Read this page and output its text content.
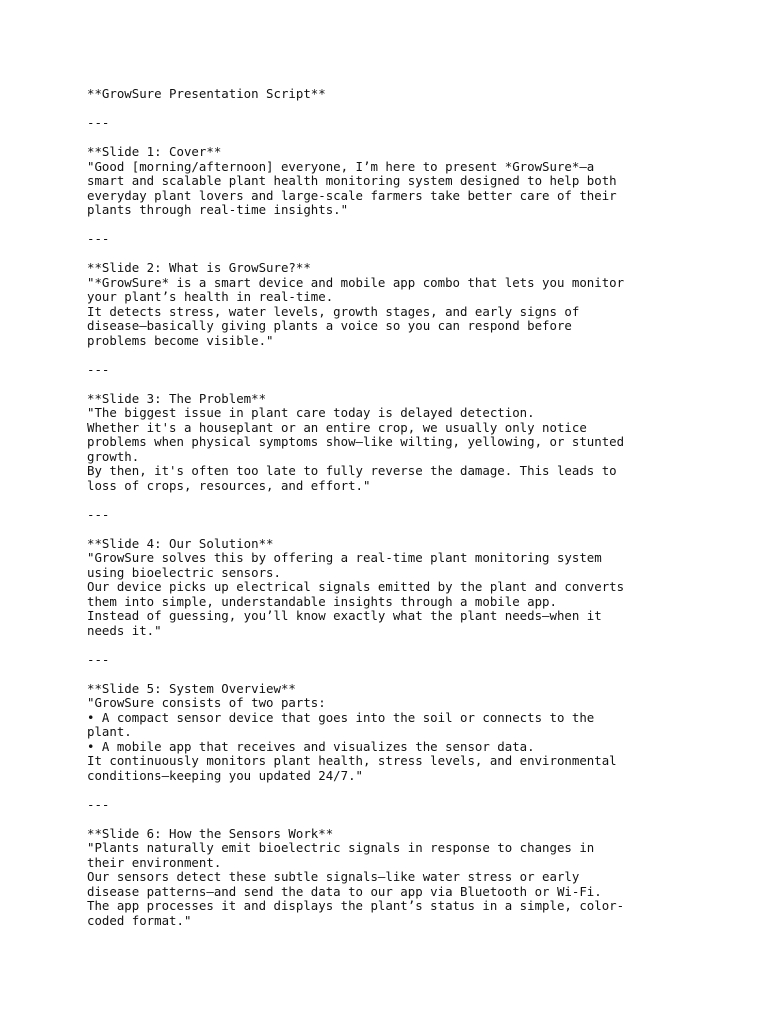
**GrowSure Presentation Script**
---
**Slide 1: Cover**
"Good [morning/afternoon] everyone, I’m here to present *GrowSure*—a
smart and scalable plant health monitoring system designed to help both
everyday plant lovers and large-scale farmers take better care of their
plants through real-time insights."
---
**Slide 2: What is GrowSure?**
"*GrowSure* is a smart device and mobile app combo that lets you monitor
your plant’s health in real-time.
It detects stress, water levels, growth stages, and early signs of
disease—basically giving plants a voice so you can respond before
problems become visible."
---
**Slide 3: The Problem**
"The biggest issue in plant care today is delayed detection.
Whether it's a houseplant or an entire crop, we usually only notice
problems when physical symptoms show—like wilting, yellowing, or stunted
growth.
By then, it's often too late to fully reverse the damage. This leads to
loss of crops, resources, and effort."
---
**Slide 4: Our Solution**
"GrowSure solves this by offering a real-time plant monitoring system
using bioelectric sensors.
Our device picks up electrical signals emitted by the plant and converts
them into simple, understandable insights through a mobile app.
Instead of guessing, you’ll know exactly what the plant needs—when it
needs it."
---
**Slide 5: System Overview**
"GrowSure consists of two parts:
• A compact sensor device that goes into the soil or connects to the
plant.
• A mobile app that receives and visualizes the sensor data.
It continuously monitors plant health, stress levels, and environmental
conditions—keeping you updated 24/7."
---
**Slide 6: How the Sensors Work**
"Plants naturally emit bioelectric signals in response to changes in
their environment.
Our sensors detect these subtle signals—like water stress or early
disease patterns—and send the data to our app via Bluetooth or Wi-Fi.
The app processes it and displays the plant’s status in a simple, color-
coded format."
